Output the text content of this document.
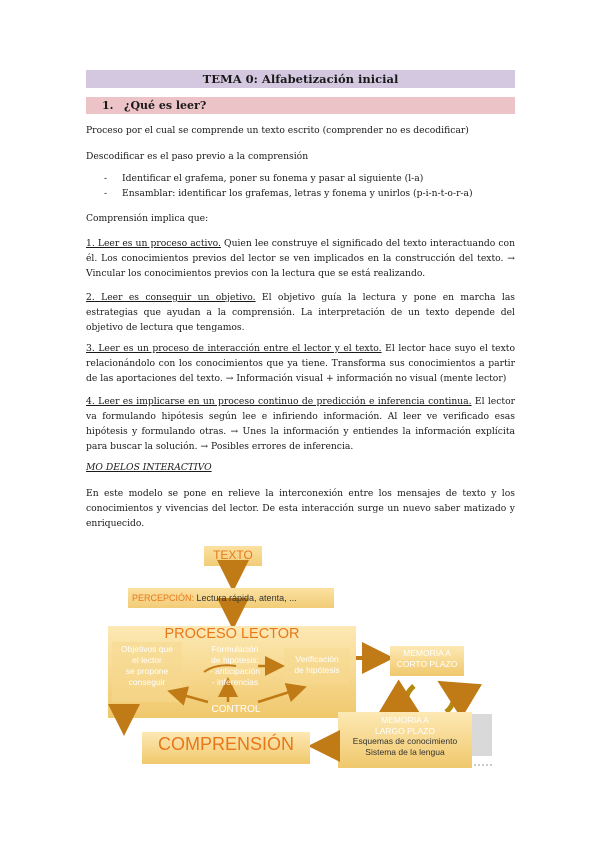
TEMA 0: Alfabetización inicial
1. ¿Qué es leer?
Proceso por el cual se comprende un texto escrito (comprender no es decodificar)
Descodificar es el paso previo a la comprensión
- Identificar el grafema, poner su fonema y pasar al siguiente (l-a)
- Ensamblar: identificar los grafemas, letras y fonema y unirlos (p-i-n-t-o-r-a)
Comprensión implica que:
1. Leer es un proceso activo. Quien lee construye el significado del texto interactuando con él. Los conocimientos previos del lector se ven implicados en la construcción del texto. → Vincular los conocimientos previos con la lectura que se está realizando.
2. Leer es conseguir un objetivo. El objetivo guía la lectura y pone en marcha las estrategias que ayudan a la comprensión. La interpretación de un texto depende del objetivo de lectura que tengamos.
3. Leer es un proceso de interacción entre el lector y el texto. El lector hace suyo el texto relacionándolo con los conocimientos que ya tiene. Transforma sus conocimientos a partir de las aportaciones del texto. → Información visual + información no visual (mente lector)
4. Leer es implicarse en un proceso continuo de predicción e inferencia continua. El lector va formulando hipótesis según lee e infiriendo información. Al leer ve verificado esas hipótesis y formulando otras. → Unes la información y entiendes la información explícita para buscar la solución. → Posibles errores de inferencia.
MO DELOS INTERACTIVO
En este modelo se pone en relieve la interconexión entre los mensajes de texto y los conocimientos y vivencias del lector. De esta interacción surge un nuevo saber matizado y enriquecido.
TEXTO
PERCEPCIÓN: Lectura rápida, atenta, ...
PROCESO LECTOR
Objetivos que
el lector
se propone
conseguir
Formulación
de hipótesis:
- anticipación
- inferencias
Verificación
de hipótesis
CONTROL
MEMORIA A
CORTO PLAZO
MEMORIA A
LARGO PLAZO
Esquemas de conocimiento
Sistema de la lengua
COMPRENSIÓN
